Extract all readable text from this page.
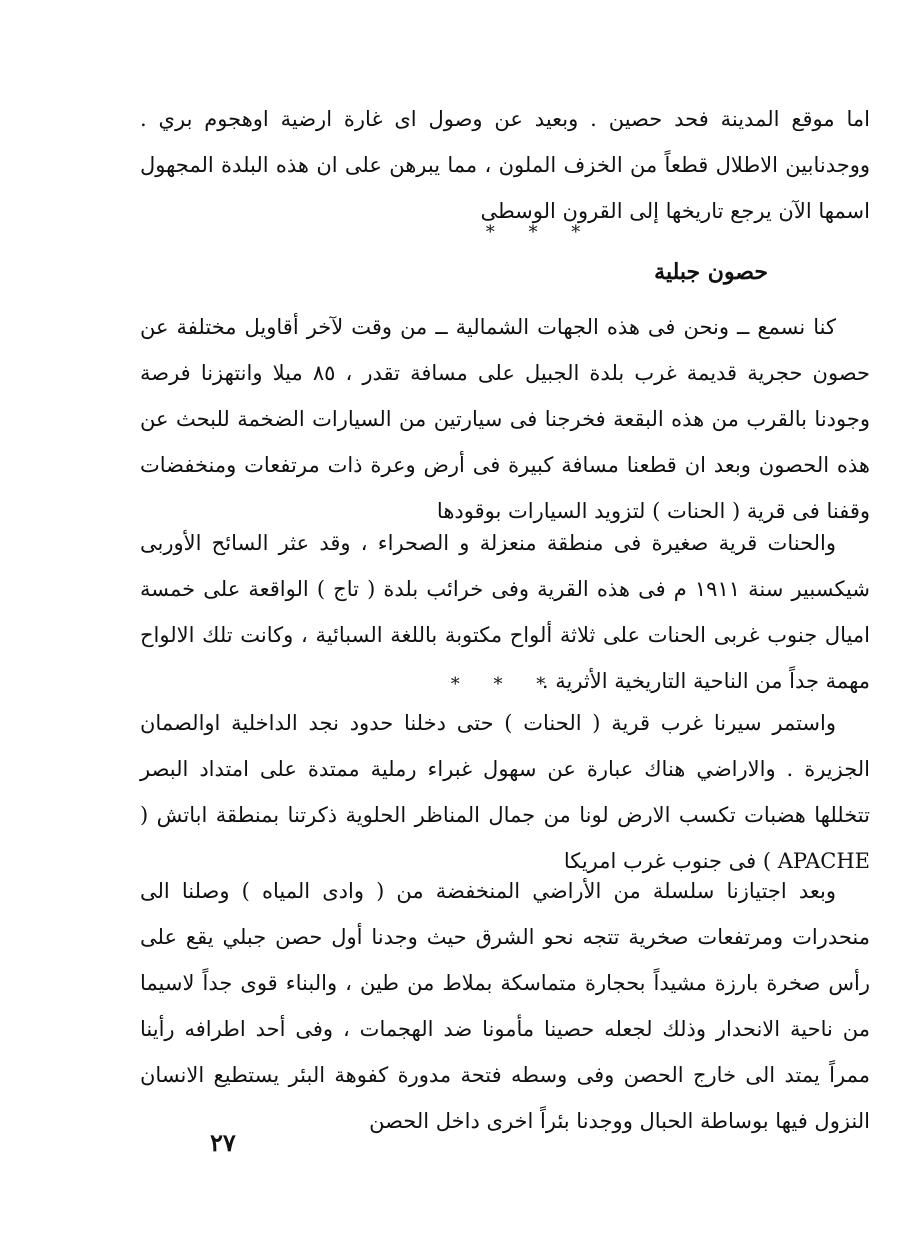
اما موقع المدينة فحد حصين . وبعيد عن وصول اى غارة ارضية اوهجوم بري . ووجدنابين الاطلال قطعاً من الخزف الملون ، مما يبرهن على ان هذه البلدة المجهول اسمها الآن يرجع تاريخها إلى القرون الوسطى

* * *
حصون جبلية

كنا نسمع ــ ونحن فى هذه الجهات الشمالية ــ من وقت لآخر أقاويل مختلفة عن حصون حجرية قديمة غرب بلدة الجبيل على مسافة تقدر ، ٨٥ ميلا وانتهزنا فرصة وجودنا بالقرب من هذه البقعة فخرجنا فى سيارتين من السيارات الضخمة للبحث عن هذه الحصون وبعد ان قطعنا مسافة كبيرة فى أرض وعرة ذات مرتفعات ومنخفضات وقفنا فى قرية ( الحنات ) لتزويد السيارات بوقودها

والحنات قرية صغيرة فى منطقة منعزلة و الصحراء ، وقد عثر السائح الأوربى شيكسبير سنة ١٩١١ م فى هذه القرية وفى خرائب بلدة ( تاج ) الواقعة على خمسة اميال جنوب غربى الحنات على ثلاثة ألواح مكتوبة باللغة السبائية ، وكانت تلك الالواح مهمة جداً من الناحية التاريخية الأثرية .

* * *

واستمر سيرنا غرب قرية ( الحنات ) حتى دخلنا حدود نجد الداخلية اوالصمان الجزيرة . والاراضي هناك عبارة عن سهول غبراء رملية ممتدة على امتداد البصر تتخللها هضبات تكسب الارض لونا من جمال المناظر الحلوية ذكرتنا بمنطقة اباتش ( APACHE ) فى جنوب غرب امريكا

وبعد اجتيازنا سلسلة من الأراضي المنخفضة من ( وادى المياه ) وصلنا الى منحدرات ومرتفعات صخرية تتجه نحو الشرق حيث وجدنا أول حصن جبلي يقع على رأس صخرة بارزة مشيداً بحجارة متماسكة بملاط من طين ، والبناء قوى جداً لاسيما من ناحية الانحدار وذلك لجعله حصينا مأمونا ضد الهجمات ، وفى أحد اطرافه رأينا ممراً يمتد الى خارج الحصن وفى وسطه فتحة مدورة كفوهة البئر يستطيع الانسان النزول فيها بوساطة الحبال ووجدنا بئراً اخرى داخل الحصن

٢٧
